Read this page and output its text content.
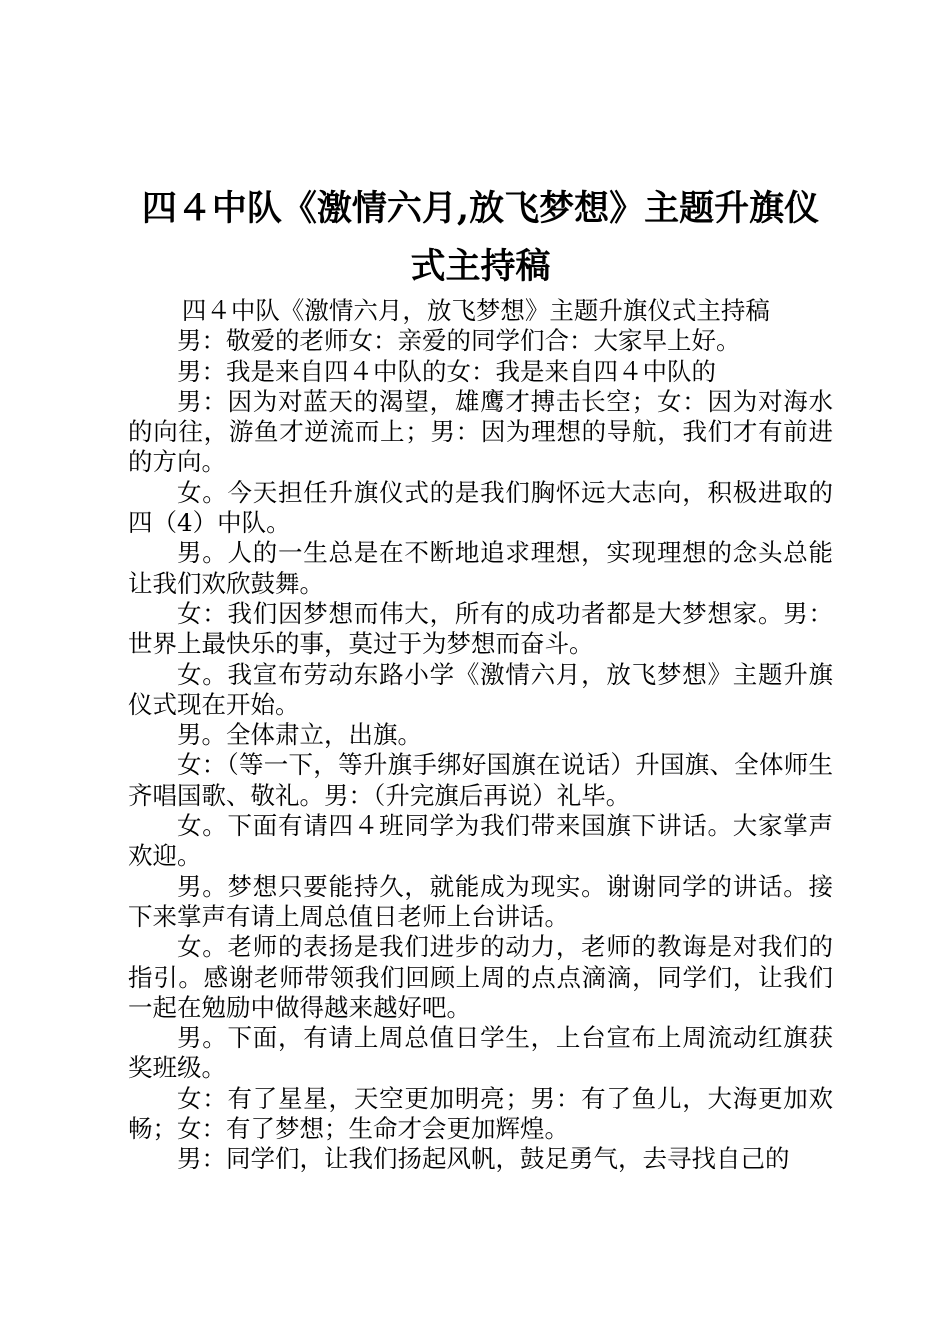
四４中队《激情六月,放飞梦想》主题升旗仪式主持稿

四４中队《激情六月，放飞梦想》主题升旗仪式主持稿

男：敬爱的老师女：亲爱的同学们合：大家早上好。

男：我是来自四４中队的女：我是来自四４中队的

男：因为对蓝天的渴望，雄鹰才搏击长空；女：因为对海水的向往，游鱼才逆流而上；男：因为理想的导航，我们才有前进的方向。

女。今天担任升旗仪式的是我们胸怀远大志向，积极进取的四（4）中队。

男。人的一生总是在不断地追求理想，实现理想的念头总能让我们欢欣鼓舞。

女：我们因梦想而伟大，所有的成功者都是大梦想家。男：世界上最快乐的事，莫过于为梦想而奋斗。

女。我宣布劳动东路小学《激情六月，放飞梦想》主题升旗仪式现在开始。

男。全体肃立，出旗。

女：（等一下，等升旗手绑好国旗在说话）升国旗、全体师生齐唱国歌、敬礼。男：（升完旗后再说）礼毕。

女。下面有请四４班同学为我们带来国旗下讲话。大家掌声欢迎。

男。梦想只要能持久，就能成为现实。谢谢同学的讲话。接下来掌声有请上周总值日老师上台讲话。

女。老师的表扬是我们进步的动力，老师的教诲是对我们的指引。感谢老师带领我们回顾上周的点点滴滴，同学们，让我们一起在勉励中做得越来越好吧。

男。下面，有请上周总值日学生，上台宣布上周流动红旗获奖班级。

女：有了星星，天空更加明亮；男：有了鱼儿，大海更加欢畅；女：有了梦想；生命才会更加辉煌。

男：同学们，让我们扬起风帆，鼓足勇气，去寻找自己的
